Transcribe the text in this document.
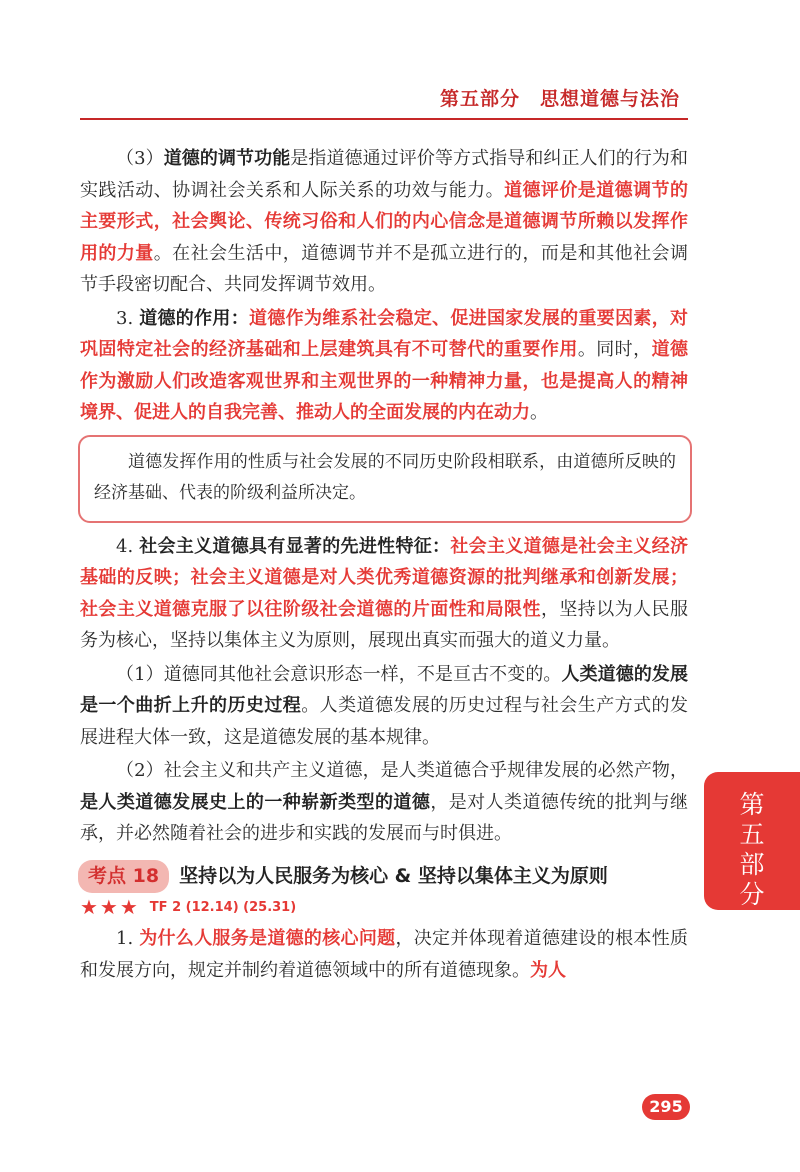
第五部分　思想道德与法治

（3）道德的调节功能是指道德通过评价等方式指导和纠正人们的行为和实践活动、协调社会关系和人际关系的功效与能力。道德评价是道德调节的主要形式，社会舆论、传统习俗和人们的内心信念是道德调节所赖以发挥作用的力量。在社会生活中，道德调节并不是孤立进行的，而是和其他社会调节手段密切配合、共同发挥调节效用。

3. 道德的作用：道德作为维系社会稳定、促进国家发展的重要因素，对巩固特定社会的经济基础和上层建筑具有不可替代的重要作用。同时，道德作为激励人们改造客观世界和主观世界的一种精神力量，也是提高人的精神境界、促进人的自我完善、推动人的全面发展的内在动力。

道德发挥作用的性质与社会发展的不同历史阶段相联系，由道德所反映的经济基础、代表的阶级利益所决定。

4. 社会主义道德具有显著的先进性特征：社会主义道德是社会主义经济基础的反映；社会主义道德是对人类优秀道德资源的批判继承和创新发展；社会主义道德克服了以往阶级社会道德的片面性和局限性，坚持以为人民服务为核心，坚持以集体主义为原则，展现出真实而强大的道义力量。

（1）道德同其他社会意识形态一样，不是亘古不变的。人类道德的发展是一个曲折上升的历史过程。人类道德发展的历史过程与社会生产方式的发展进程大体一致，这是道德发展的基本规律。

（2）社会主义和共产主义道德，是人类道德合乎规律发展的必然产物，是人类道德发展史上的一种崭新类型的道德，是对人类道德传统的批判与继承，并必然随着社会的进步和实践的发展而与时俱进。

考点 18	坚持以为人民服务为核心 & 坚持以集体主义为原则
★★★ TF 2 (12.14) (25.31)

1. 为什么人服务是道德的核心问题，决定并体现着道德建设的根本性质和发展方向，规定并制约着道德领域中的所有道德现象。为人

第
五
部
分
295
